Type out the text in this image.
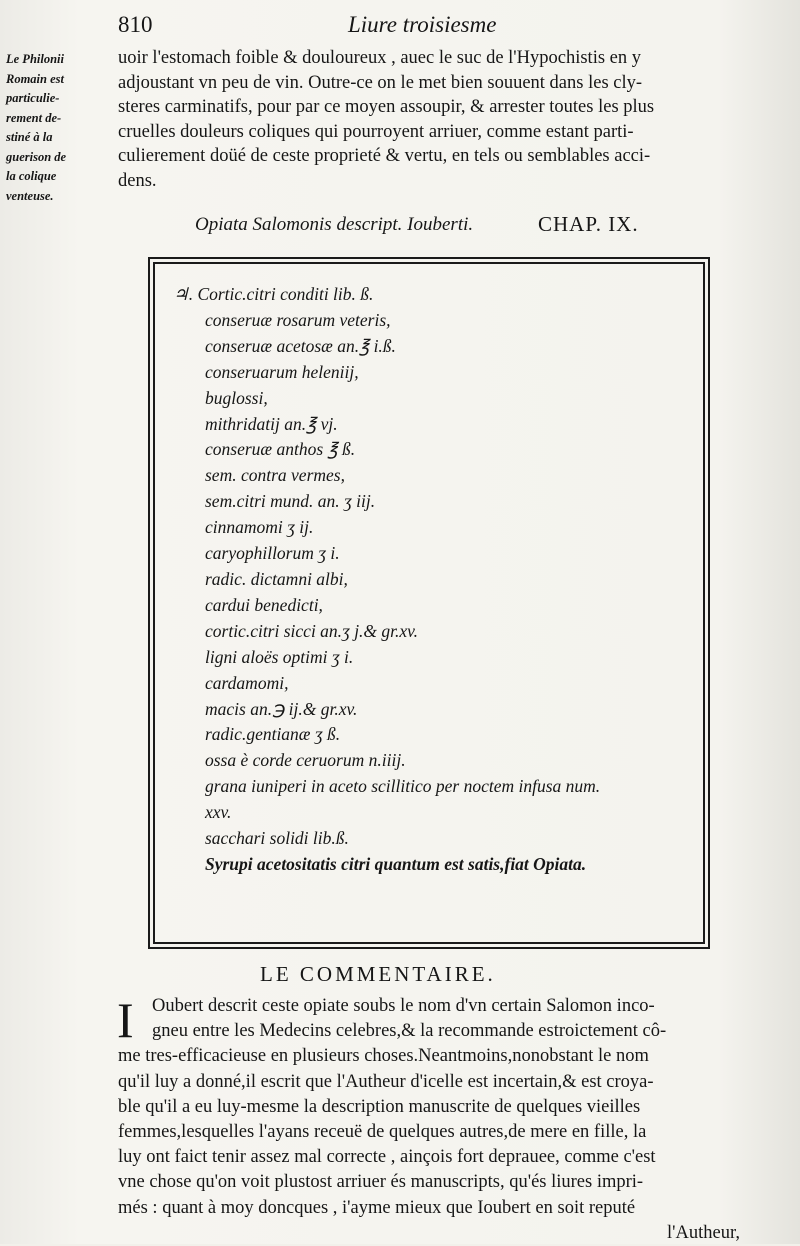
810	Liure troisiesme
Le Philonii
Romain est
particulie-
rement de-
stiné à la
guerison de
la colique
venteuse.
uoir l'estomach foible & douloureux , auec le suc de l'Hypochistis en y
adjoustant vn peu de vin. Outre-ce on le met bien souuent dans les cly-
steres carminatifs, pour par ce moyen assoupir, & arrester toutes les plus
cruelles douleurs coliques qui pourroyent arriuer, comme estant parti-
culierement doüé de ceste proprieté & vertu, en tels ou semblables acci-
dens.
Opiata Salomonis descript. Iouberti.	CHAP. IX.
♃. Cortic.citri conditi lib. ß.
conseruæ rosarum veteris,
conseruæ acetosæ an.℥ i.ß.
conseruarum heleniij,
buglossi,
mithridatij an.℥ vj.
conseruæ anthos ℥ ß.
sem. contra vermes,
sem.citri mund. an. ʒ iij.
cinnamomi ʒ ij.
caryophillorum ʒ i.
radic. dictamni albi,
cardui benedicti,
cortic.citri sicci an.ʒ j.& gr.xv.
ligni aloës optimi ʒ i.
cardamomi,
macis an.℈ ij.& gr.xv.
radic.gentianæ ʒ ß.
ossa è corde ceruorum n.iiij.
grana iuniperi in aceto scillitico per noctem infusa num.
xxv.
sacchari solidi lib.ß.
Syrupi acetositatis citri quantum est satis,fiat Opiata.
LE COMMENTAIRE.
I Oubert descrit ceste opiate soubs le nom d'vn certain Salomon inco-
gneu entre les Medecins celebres,& la recommande estroictement cô-
me tres-efficacieuse en plusieurs choses.Neantmoins,nonobstant le nom
qu'il luy a donné,il escrit que l'Autheur d'icelle est incertain,& est croya-
ble qu'il a eu luy-mesme la description manuscrite de quelques vieilles
femmes,lesquelles l'ayans receuë de quelques autres,de mere en fille, la
luy ont faict tenir assez mal correcte , ainçois fort deprauee, comme c'est
vne chose qu'on voit plustost arriuer és manuscripts, qu'és liures impri-
més : quant à moy doncques , i'ayme mieux que Ioubert en soit reputé
l'Autheur,
